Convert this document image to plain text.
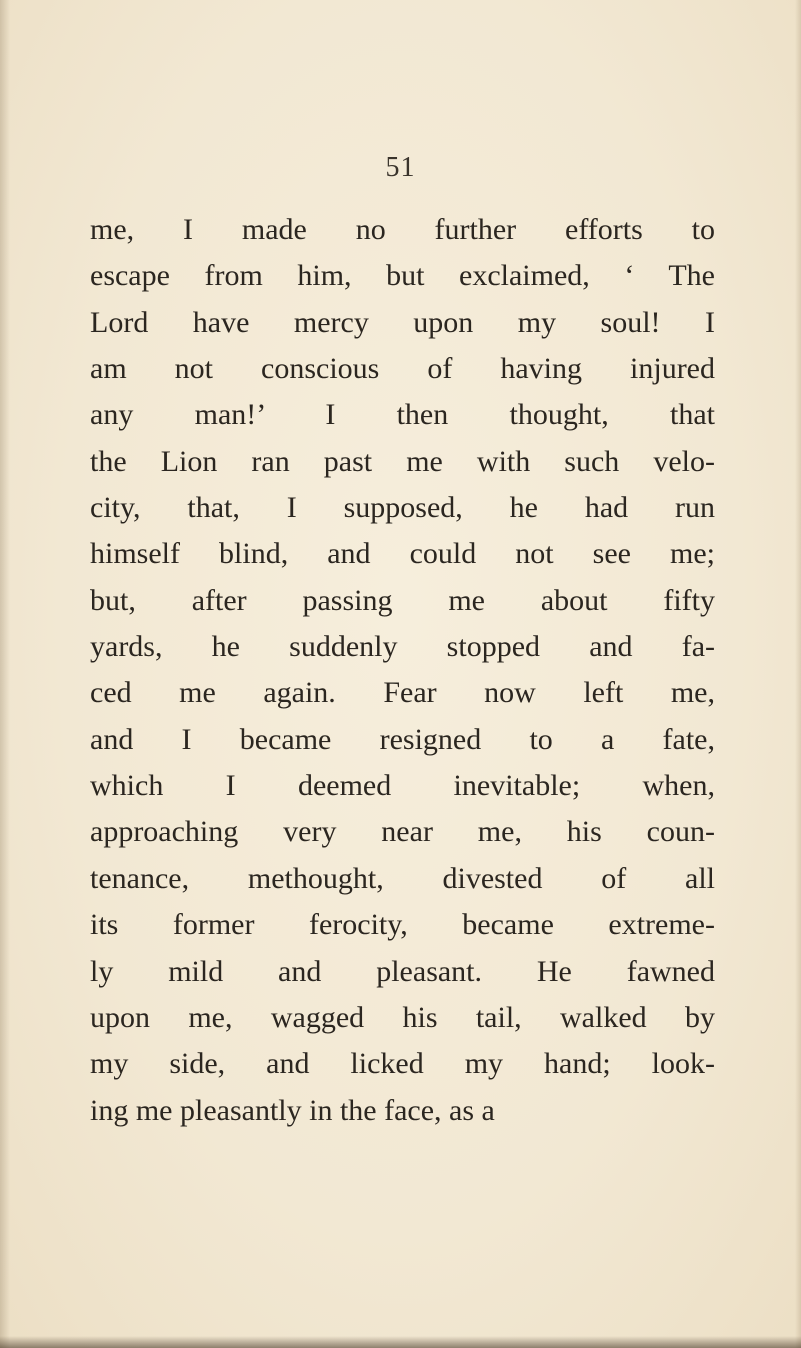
51
me, I made no further efforts to
escape from him, but exclaimed, ‘ The
Lord have mercy upon my soul! I
am not conscious of having injured
any man!’ I then thought, that
the Lion ran past me with such velo-
city, that, I supposed, he had run
himself blind, and could not see me;
but, after passing me about fifty
yards, he suddenly stopped and fa-
ced me again. Fear now left me,
and I became resigned to a fate,
which I deemed inevitable; when,
approaching very near me, his coun-
tenance, methought, divested of all
its former ferocity, became extreme-
ly mild and pleasant. He fawned
upon me, wagged his tail, walked by
my side, and licked my hand; look-
ing me pleasantly in the face, as a
